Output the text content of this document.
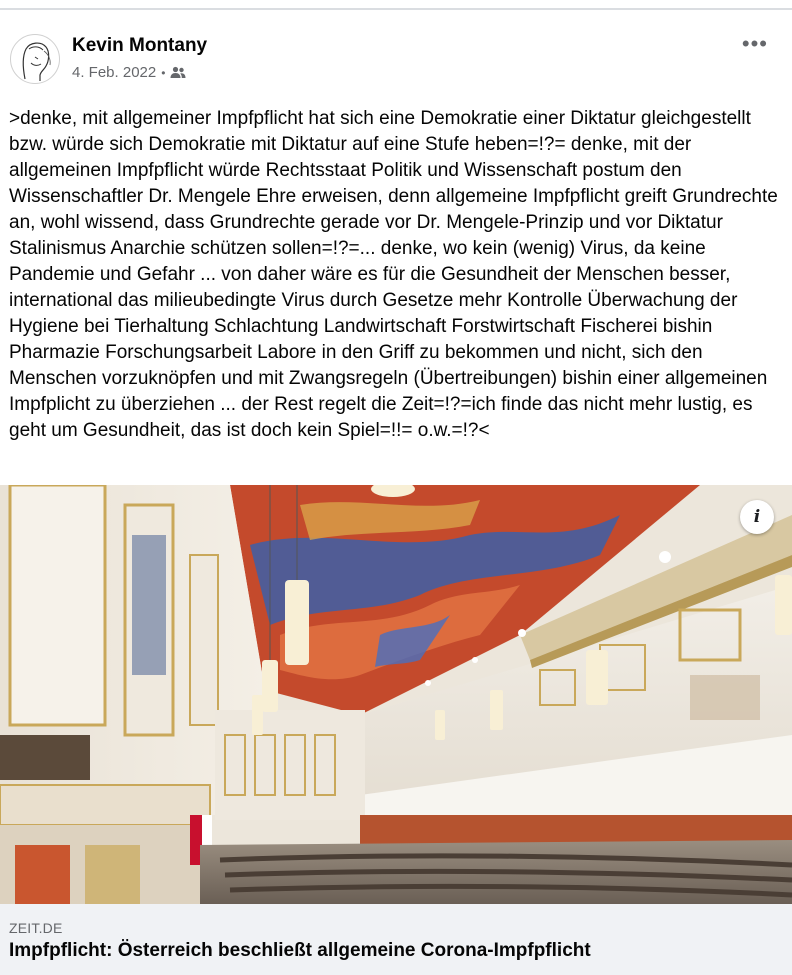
Kevin Montany
4. Feb. 2022 •
•••
>denke, mit allgemeiner Impfpflicht hat sich eine Demokratie einer Diktatur gleichgestellt bzw. würde sich Demokratie mit Diktatur auf eine Stufe heben=!?= denke, mit der allgemeinen Impfpflicht würde Rechtsstaat Politik und Wissenschaft postum den Wissenschaftler Dr. Mengele Ehre erweisen, denn allgemeine Impfpflicht greift Grundrechte an, wohl wissend, dass Grundrechte gerade vor Dr. Mengele-Prinzip und vor Diktatur Stalinismus Anarchie schützen sollen=!?=... denke, wo kein (wenig) Virus, da keine Pandemie und Gefahr ... von daher wäre es für die Gesundheit der Menschen besser, international das milieubedingte Virus durch Gesetze mehr Kontrolle Überwachung der Hygiene bei Tierhaltung Schlachtung Landwirtschaft Forstwirtschaft Fischerei bishin Pharmazie Forschungsarbeit Labore in den Griff zu bekommen und nicht, sich den Menschen vorzuknöpfen und mit Zwangsregeln (Übertreibungen) bishin einer allgemeinen Impfplicht zu überziehen ... der Rest regelt die Zeit=!?=ich finde das nicht mehr lustig, es geht um Gesundheit, das ist doch kein Spiel=!!= o.w.=!?<
i
ZEIT.DE
Impfpflicht: Österreich beschließt allgemeine Corona-Impfpflicht
